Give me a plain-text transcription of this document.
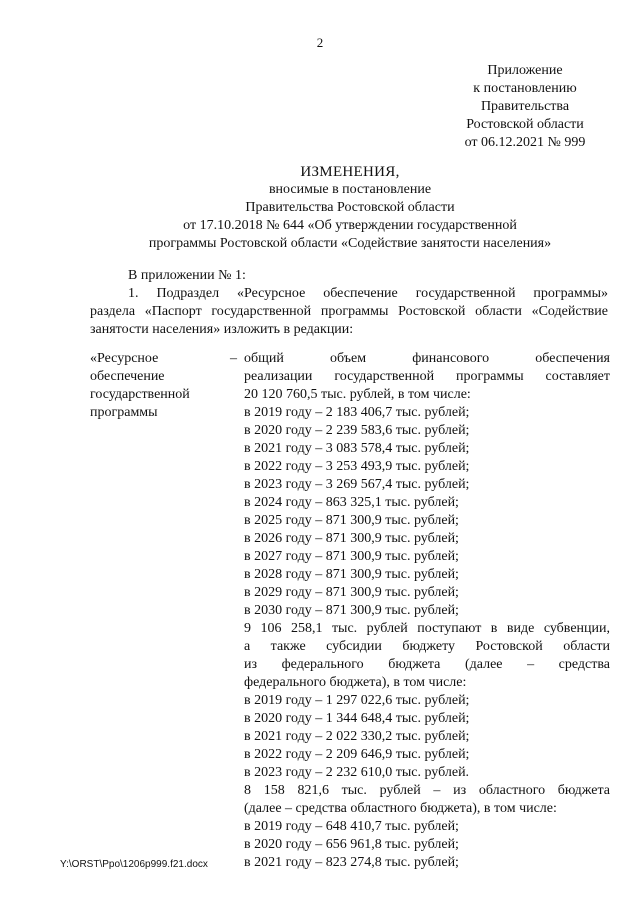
2
Приложение
к постановлению
Правительства
Ростовской области
от 06.12.2021 № 999
ИЗМЕНЕНИЯ,
вносимые в постановление
Правительства Ростовской области
от 17.10.2018 № 644 «Об утверждении государственной
программы Ростовской области «Содействие занятости населения»

В приложении № 1:

1. Подраздел «Ресурсное обеспечение государственной программы»

раздела «Паспорт государственной программы Ростовской области «Содействие

занятости населения» изложить в редакции:

«Ресурсное обеспечение государственной программы
– общий объем финансового обеспечения
реализации государственной программы составляет
20 120 760,5 тыс. рублей, в том числе:
в 2019 году – 2 183 406,7 тыс. рублей;
в 2020 году – 2 239 583,6 тыс. рублей;
в 2021 году – 3 083 578,4 тыс. рублей;
в 2022 году – 3 253 493,9 тыс. рублей;
в 2023 году – 3 269 567,4 тыс. рублей;
в 2024 году – 863 325,1 тыс. рублей;
в 2025 году – 871 300,9 тыс. рублей;
в 2026 году – 871 300,9 тыс. рублей;
в 2027 году – 871 300,9 тыс. рублей;
в 2028 году – 871 300,9 тыс. рублей;
в 2029 году – 871 300,9 тыс. рублей;
в 2030 году – 871 300,9 тыс. рублей;
9 106 258,1 тыс. рублей поступают в виде субвенции,
а также субсидии бюджету Ростовской области
из федерального бюджета (далее – средства
федерального бюджета), в том числе:
в 2019 году – 1 297 022,6 тыс. рублей;
в 2020 году – 1 344 648,4 тыс. рублей;
в 2021 году – 2 022 330,2 тыс. рублей;
в 2022 году – 2 209 646,9 тыс. рублей;
в 2023 году – 2 232 610,0 тыс. рублей.
8 158 821,6 тыс. рублей – из областного бюджета
(далее – средства областного бюджета), в том числе:
в 2019 году – 648 410,7 тыс. рублей;
в 2020 году – 656 961,8 тыс. рублей;
в 2021 году – 823 274,8 тыс. рублей;
Y:\ORST\Ppo\1206p999.f21.docx
